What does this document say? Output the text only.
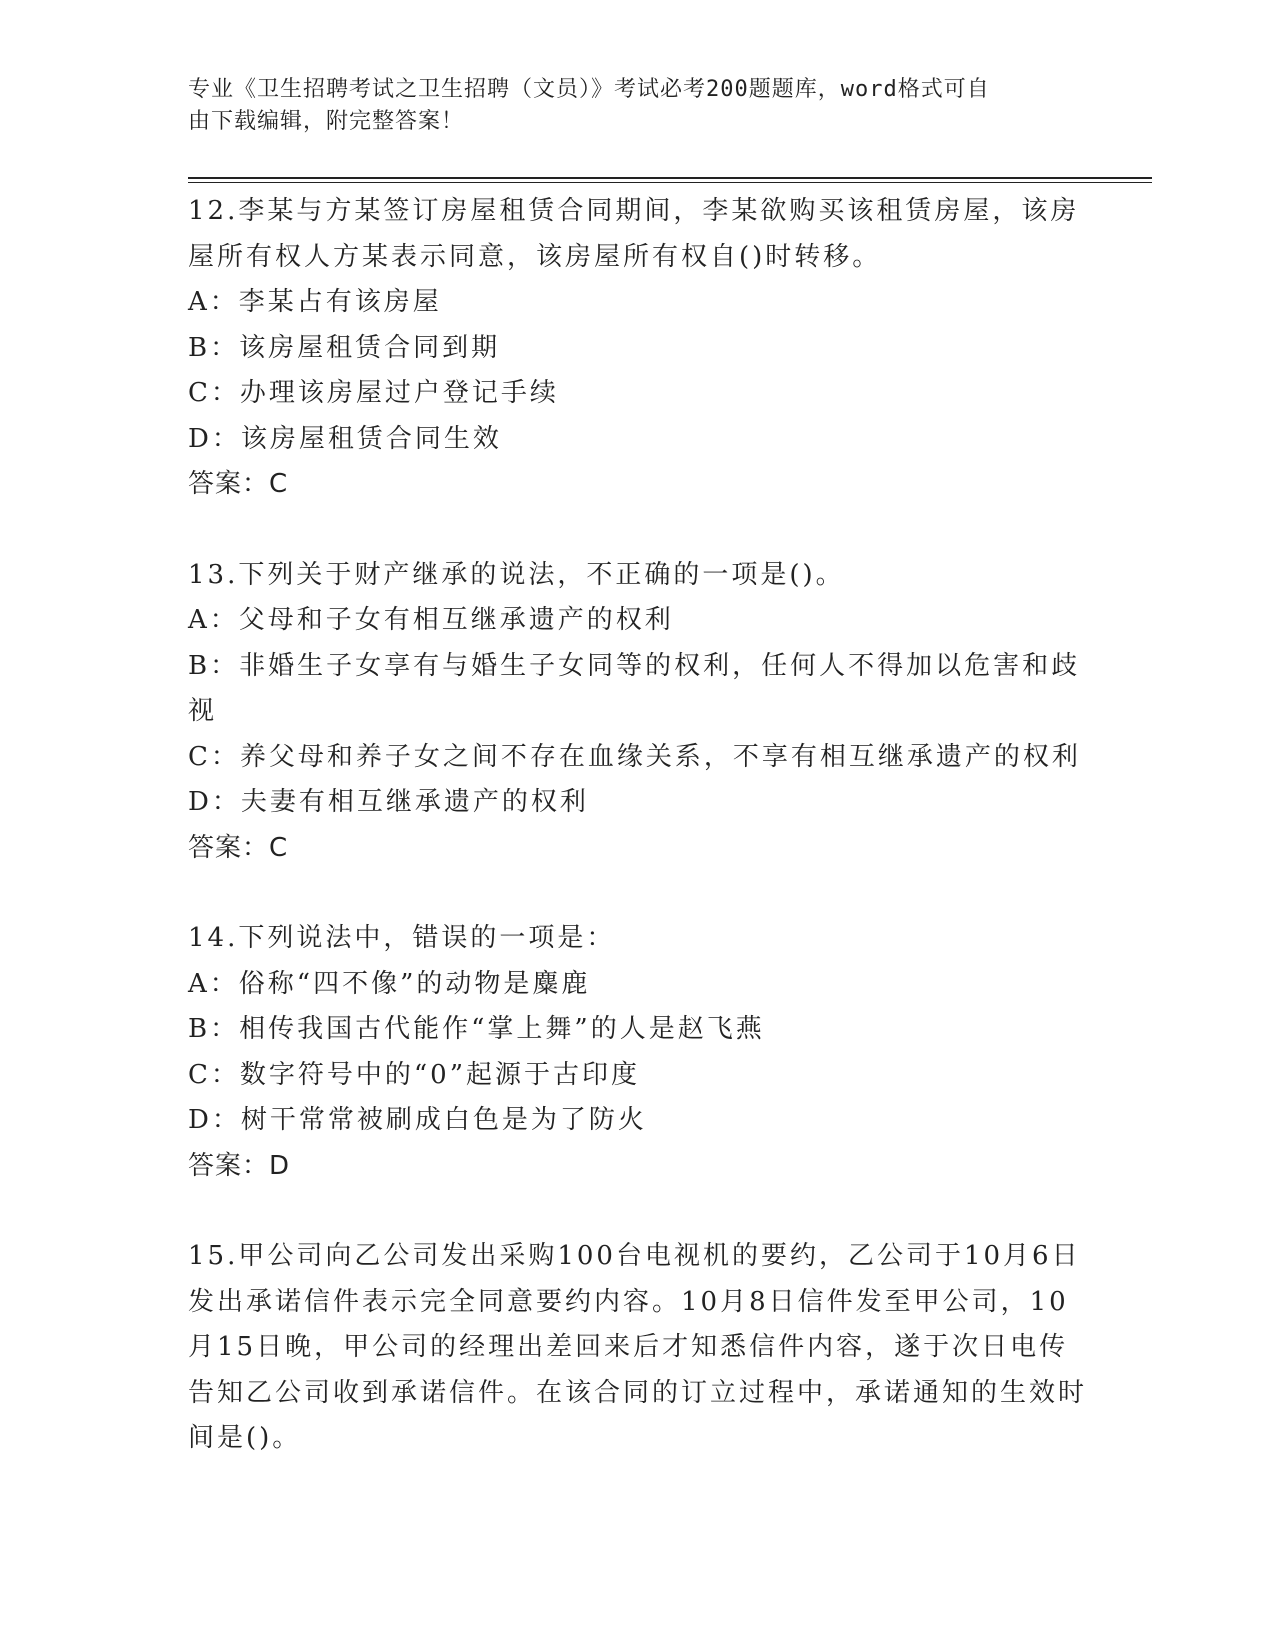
专业《卫生招聘考试之卫生招聘（文员）》考试必考200题题库，word格式可自
由下载编辑，附完整答案！

12.李某与方某签订房屋租赁合同期间，李某欲购买该租赁房屋，该房屋所有权人方某表示同意，该房屋所有权自()时转移。

A：李某占有该房屋

B：该房屋租赁合同到期

C：办理该房屋过户登记手续

D：该房屋租赁合同生效

答案：C

13.下列关于财产继承的说法，不正确的一项是()。

A：父母和子女有相互继承遗产的权利

B：非婚生子女享有与婚生子女同等的权利，任何人不得加以危害和歧视

C：养父母和养子女之间不存在血缘关系，不享有相互继承遗产的权利

D：夫妻有相互继承遗产的权利

答案：C

14.下列说法中，错误的一项是：

A：俗称“四不像”的动物是麋鹿

B：相传我国古代能作“掌上舞”的人是赵飞燕

C：数字符号中的“0”起源于古印度

D：树干常常被刷成白色是为了防火

答案：D

15.甲公司向乙公司发出采购100台电视机的要约，乙公司于10月6日发出承诺信件表示完全同意要约内容。10月8日信件发至甲公司，10月15日晚，甲公司的经理出差回来后才知悉信件内容，遂于次日电传告知乙公司收到承诺信件。在该合同的订立过程中，承诺通知的生效时间是()。
